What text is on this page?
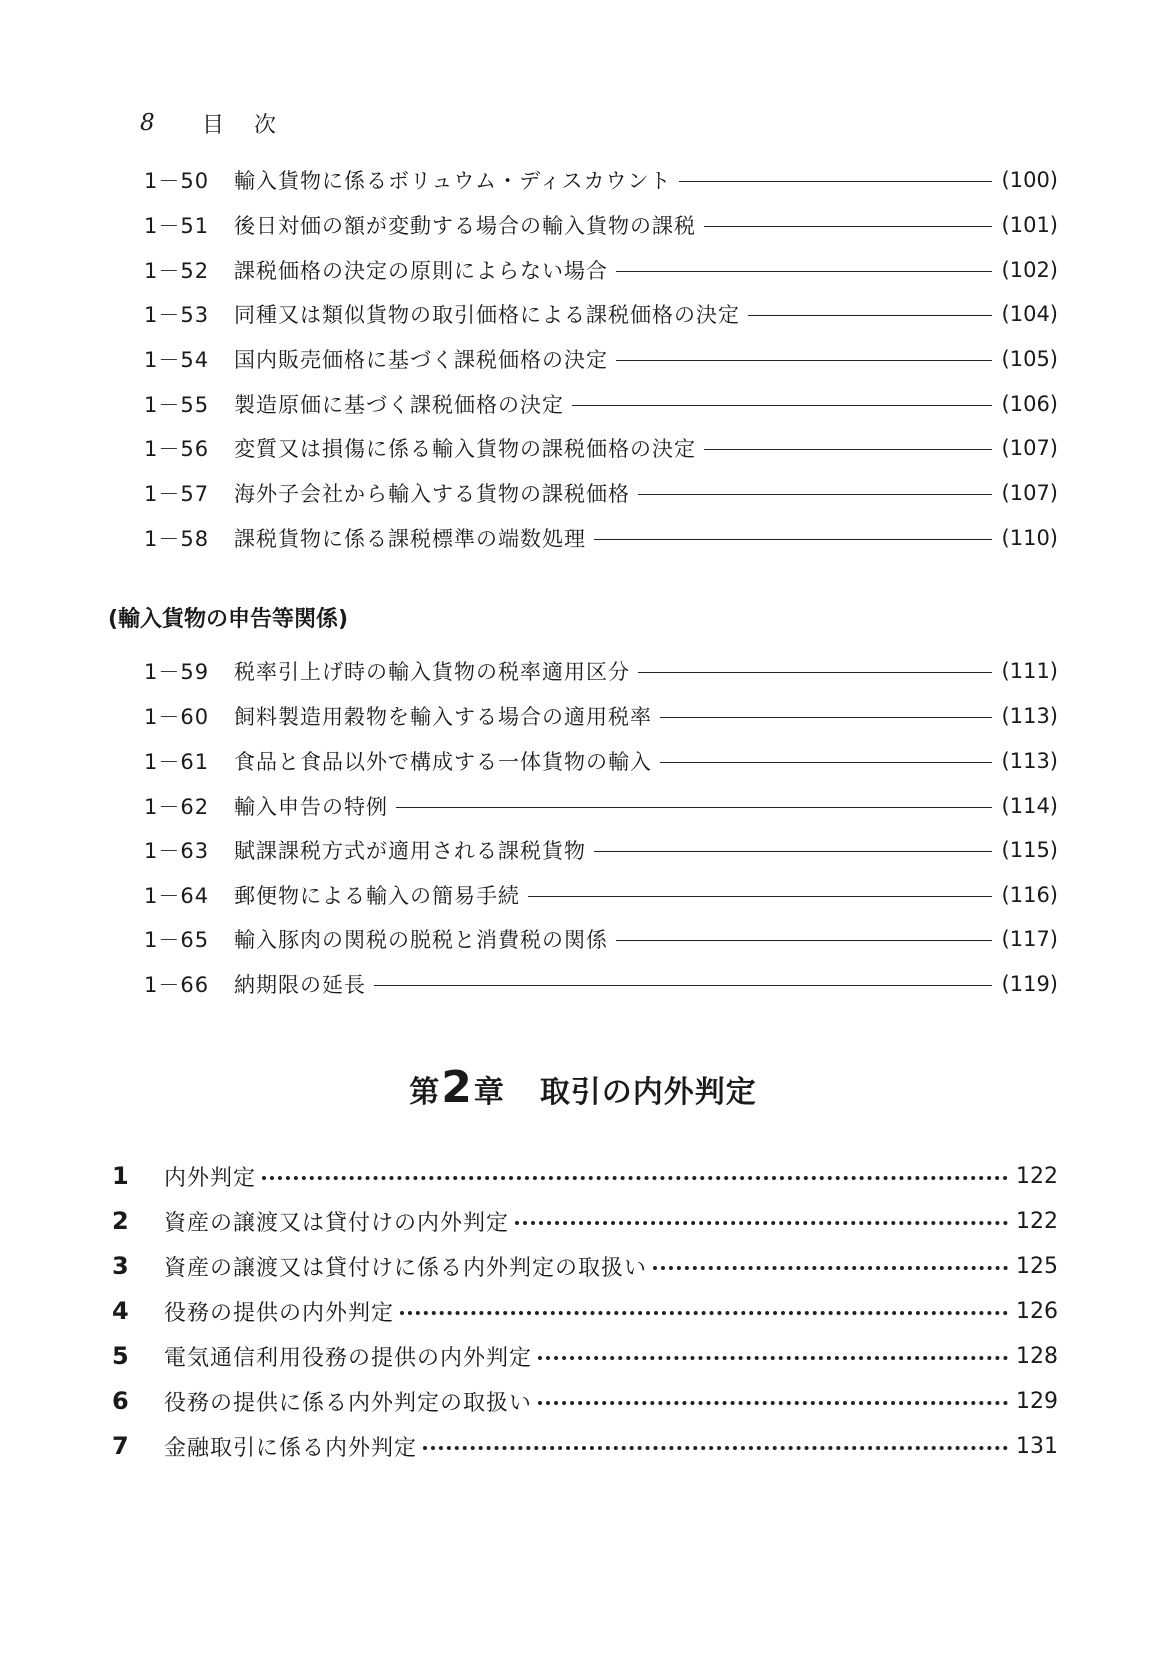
8	目次
1－50	輸入貨物に係るボリュウム・ディスカウント	(100)
1－51	後日対価の額が変動する場合の輸入貨物の課税	(101)
1－52	課税価格の決定の原則によらない場合	(102)
1－53	同種又は類似貨物の取引価格による課税価格の決定	(104)
1－54	国内販売価格に基づく課税価格の決定	(105)
1－55	製造原価に基づく課税価格の決定	(106)
1－56	変質又は損傷に係る輸入貨物の課税価格の決定	(107)
1－57	海外子会社から輸入する貨物の課税価格	(107)
1－58	課税貨物に係る課税標準の端数処理	(110)
(輸入貨物の申告等関係)
1－59	税率引上げ時の輸入貨物の税率適用区分	(111)
1－60	飼料製造用穀物を輸入する場合の適用税率	(113)
1－61	食品と食品以外で構成する一体貨物の輸入	(113)
1－62	輸入申告の特例	(114)
1－63	賦課課税方式が適用される課税貨物	(115)
1－64	郵便物による輸入の簡易手続	(116)
1－65	輸入豚肉の関税の脱税と消費税の関係	(117)
1－66	納期限の延長	(119)
第 2 章 取引の内外判定
1	内外判定	122
2	資産の譲渡又は貸付けの内外判定	122
3	資産の譲渡又は貸付けに係る内外判定の取扱い	125
4	役務の提供の内外判定	126
5	電気通信利用役務の提供の内外判定	128
6	役務の提供に係る内外判定の取扱い	129
7	金融取引に係る内外判定	131
